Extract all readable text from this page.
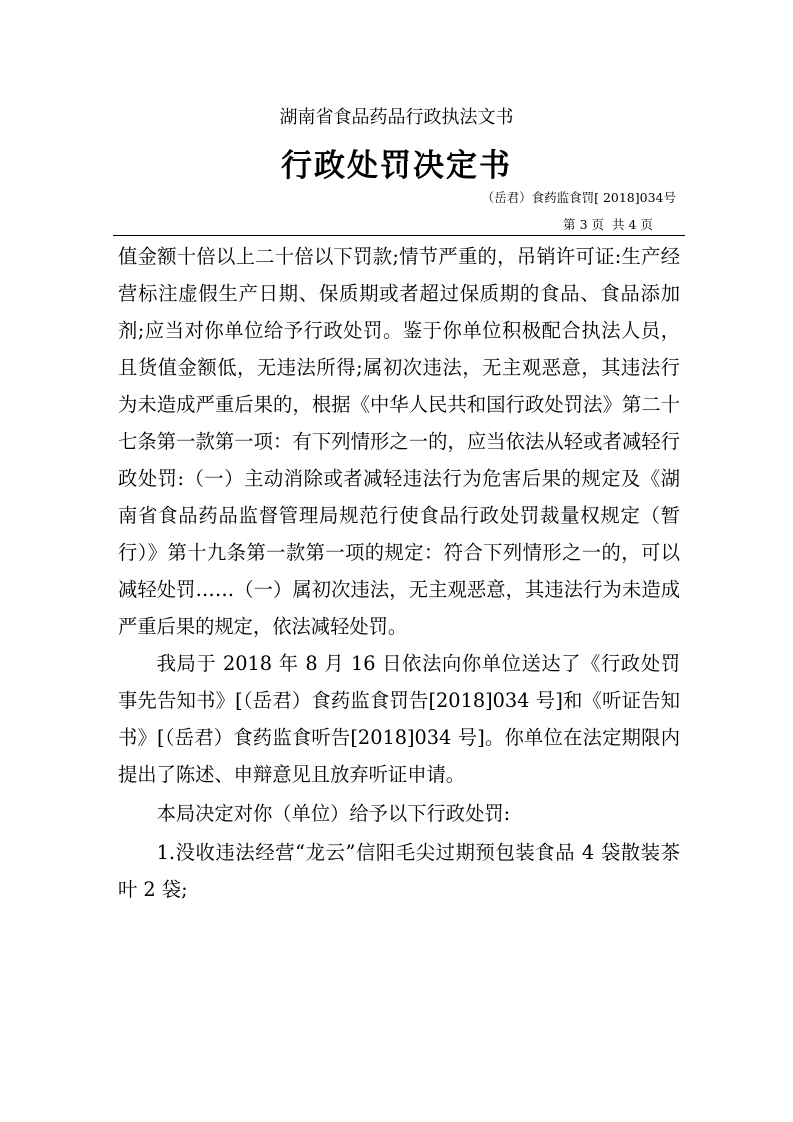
湖南省食品药品行政执法文书
行政处罚决定书
（岳君）食药监食罚[ 2018]034号
第 3 页 共 4 页

值金额十倍以上二十倍以下罚款;情节严重的，吊销许可证:生产经营标注虚假生产日期、保质期或者超过保质期的食品、食品添加剂;应当对你单位给予行政处罚。鉴于你单位积极配合执法人员，且货值金额低，无违法所得;属初次违法，无主观恶意，其违法行为未造成严重后果的，根据《中华人民共和国行政处罚法》第二十七条第一款第一项：有下列情形之一的，应当依法从轻或者减轻行政处罚:（一）主动消除或者减轻违法行为危害后果的规定及《湖南省食品药品监督管理局规范行使食品行政处罚裁量权规定（暂行）》第十九条第一款第一项的规定：符合下列情形之一的，可以减轻处罚……（一）属初次违法，无主观恶意，其违法行为未造成严重后果的规定，依法减轻处罚。

我局于 2018 年 8 月 16 日依法向你单位送达了《行政处罚事先告知书》[（岳君）食药监食罚告[2018]034 号]和《听证告知书》[（岳君）食药监食听告[2018]034 号]。你单位在法定期限内提出了陈述、申辩意见且放弃听证申请。

本局决定对你（单位）给予以下行政处罚:

1.没收违法经营“龙云”信阳毛尖过期预包装食品 4 袋散装茶叶 2 袋;
